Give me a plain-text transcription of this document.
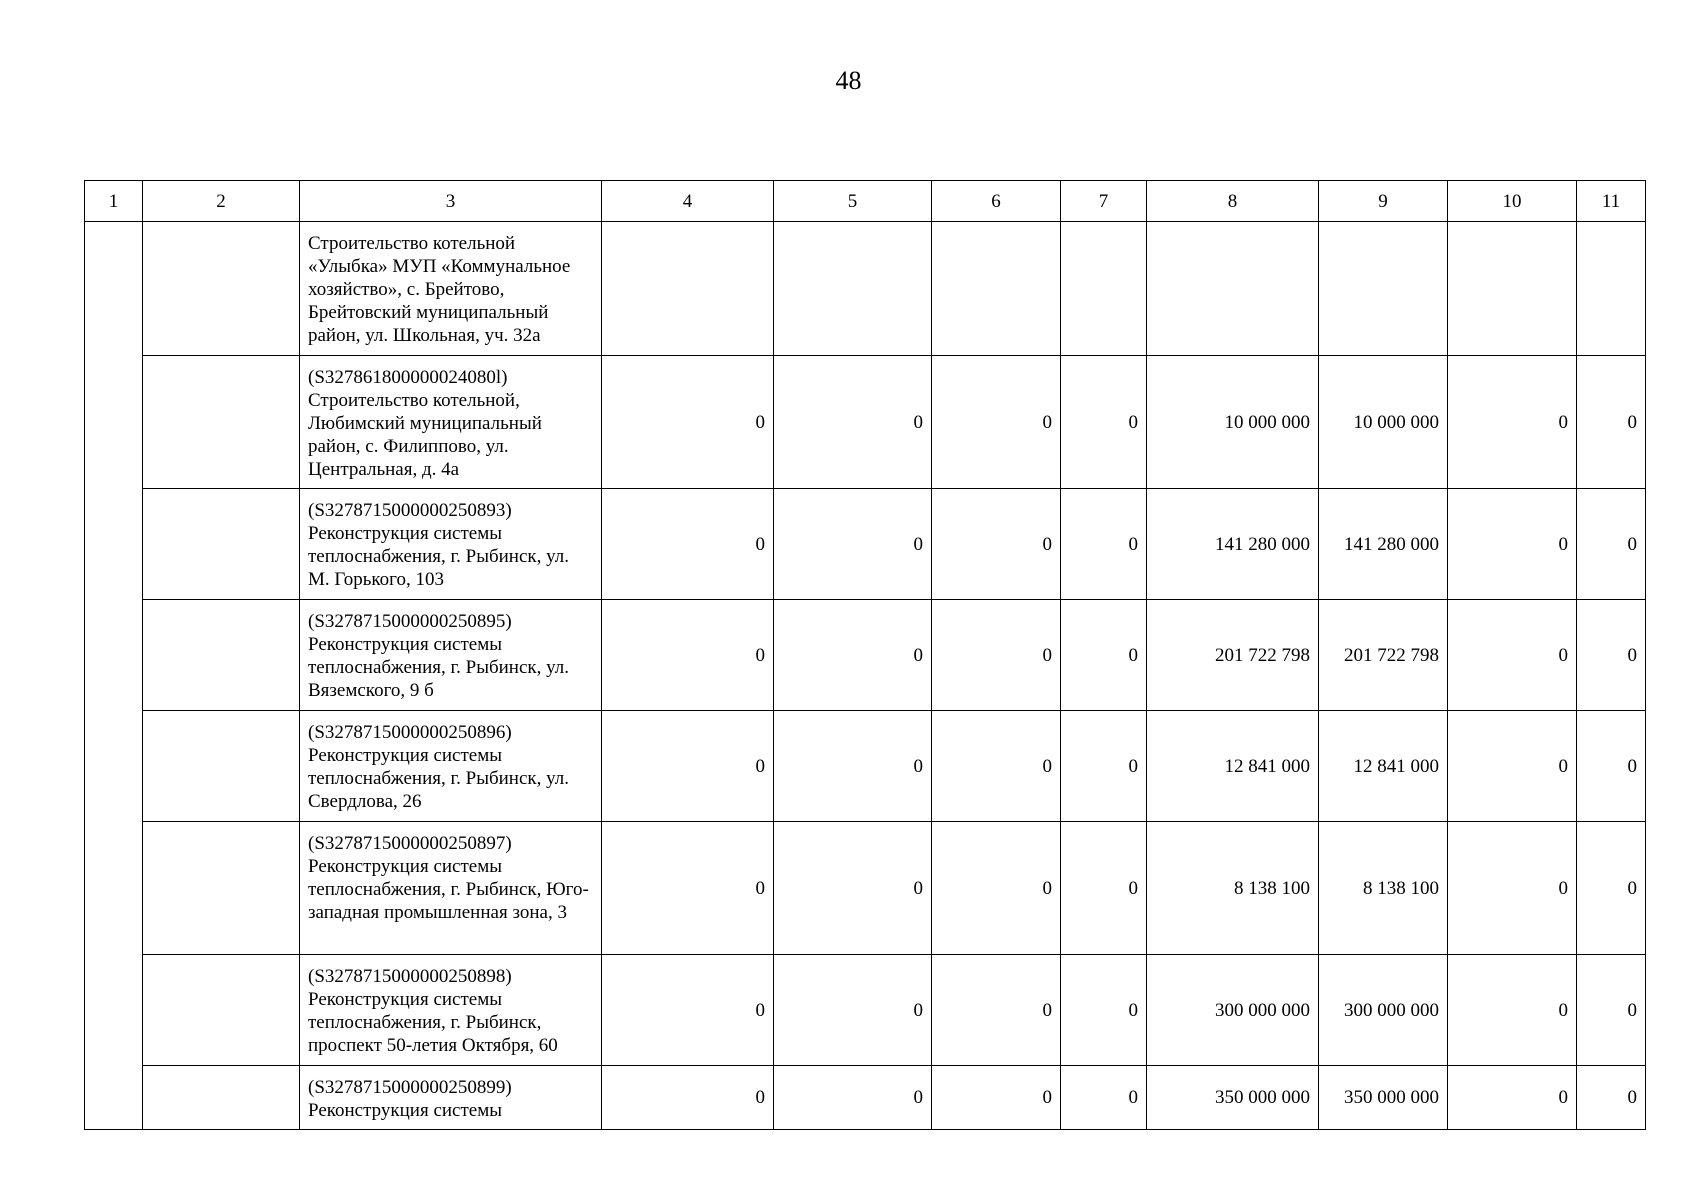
48
1	2	3	4	5	6	7	8	9	10	11
		Строительство котельной «Улыбка» МУП «Коммунальное хозяйство», с. Брейтово, Брейтовский муниципальный район, ул. Школьная, уч. 32а								
		(S327861800000024080l) Строительство котельной, Любимский муниципальный район, с. Филиппово, ул. Центральная, д. 4а	0	0	0	0	10 000 000	10 000 000	0	0
		(S3278715000000250893) Реконструкция системы теплоснабжения, г. Рыбинск, ул. М. Горького, 103	0	0	0	0	141 280 000	141 280 000	0	0
		(S3278715000000250895) Реконструкция системы теплоснабжения, г. Рыбинск, ул. Вяземского, 9 б	0	0	0	0	201 722 798	201 722 798	0	0
		(S3278715000000250896) Реконструкция системы теплоснабжения, г. Рыбинск, ул. Свердлова, 26	0	0	0	0	12 841 000	12 841 000	0	0
		(S3278715000000250897) Реконструкция системы теплоснабжения, г. Рыбинск, Юго-западная промышленная зона, 3	0	0	0	0	8 138 100	8 138 100	0	0
		(S3278715000000250898) Реконструкция системы теплоснабжения, г. Рыбинск, проспект 50-летия Октября, 60	0	0	0	0	300 000 000	300 000 000	0	0
		(S3278715000000250899) Реконструкция системы	0	0	0	0	350 000 000	350 000 000	0	0
